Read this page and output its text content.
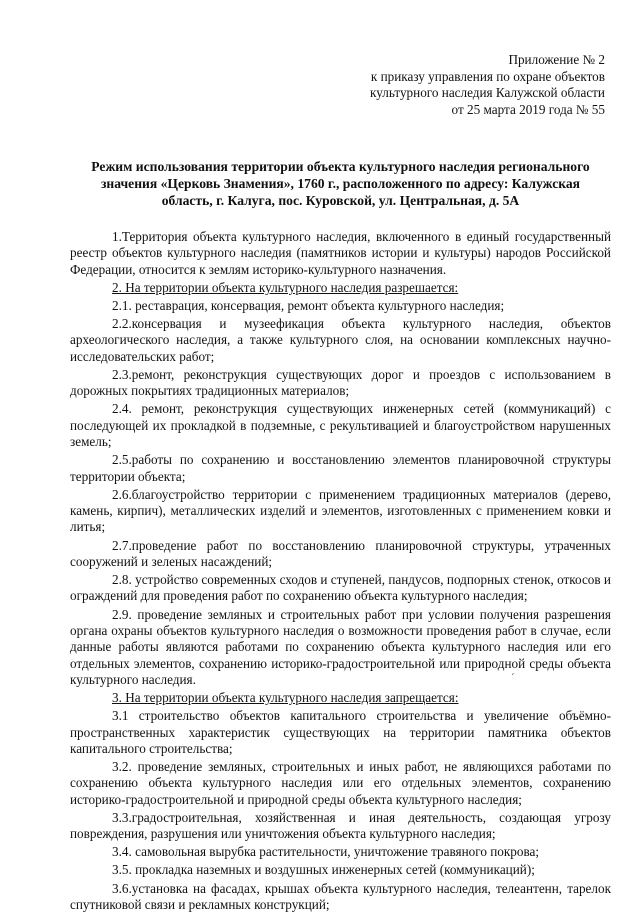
Приложение № 2
к приказу управления по охране объектов
культурного наследия Калужской области
от 25 марта 2019 года № 55
Режим использования территории объекта культурного наследия регионального значения «Церковь Знамения», 1760 г., расположенного по адресу: Калужская область, г. Калуга, пос. Куровской, ул. Центральная, д. 5А

1.Территория объекта культурного наследия, включенного в единый государственный реестр объектов культурного наследия (памятников истории и культуры) народов Российской Федерации, относится к землям историко-культурного назначения.

2. На территории объекта культурного наследия разрешается:

2.1. реставрация, консервация, ремонт объекта культурного наследия;

2.2.консервация и музеефикация объекта культурного наследия, объектов археологического наследия, а также культурного слоя, на основании комплексных научно-исследовательских работ;

2.3.ремонт, реконструкция существующих дорог и проездов с использованием в дорожных покрытиях традиционных материалов;

2.4. ремонт, реконструкция существующих инженерных сетей (коммуникаций) с последующей их прокладкой в подземные, с рекультивацией и благоустройством нарушенных земель;

2.5.работы по сохранению и восстановлению элементов планировочной структуры территории объекта;

2.6.благоустройство территории с применением традиционных материалов (дерево, камень, кирпич), металлических изделий и элементов, изготовленных с применением ковки и литья;

2.7.проведение работ по восстановлению планировочной структуры, утраченных сооружений и зеленых насаждений;

2.8. устройство современных сходов и ступеней, пандусов, подпорных стенок, откосов и ограждений для проведения работ по сохранению объекта культурного наследия;

2.9. проведение земляных и строительных работ при условии получения разрешения органа охраны объектов культурного наследия о возможности проведения работ в случае, если данные работы являются работами по сохранению объекта культурного наследия или его отдельных элементов, сохранению историко-градостроительной или природной среды объекта культурного наследия.

3. На территории объекта культурного наследия запрещается:

3.1 строительство объектов капитального строительства и увеличение объёмно-пространственных характеристик существующих на территории памятника объектов капитального строительства;

3.2. проведение земляных, строительных и иных работ, не являющихся работами по сохранению объекта культурного наследия или его отдельных элементов, сохранению историко-градостроительной и природной среды объекта культурного наследия;

3.3.градостроительная, хозяйственная и иная деятельность, создающая угрозу повреждения, разрушения или уничтожения объекта культурного наследия;

3.4. самовольная вырубка растительности, уничтожение травяного покрова;

3.5. прокладка наземных и воздушных инженерных сетей (коммуникаций);

3.6.установка на фасадах, крышах объекта культурного наследия, телеантенн, тарелок спутниковой связи и рекламных конструкций;

´
